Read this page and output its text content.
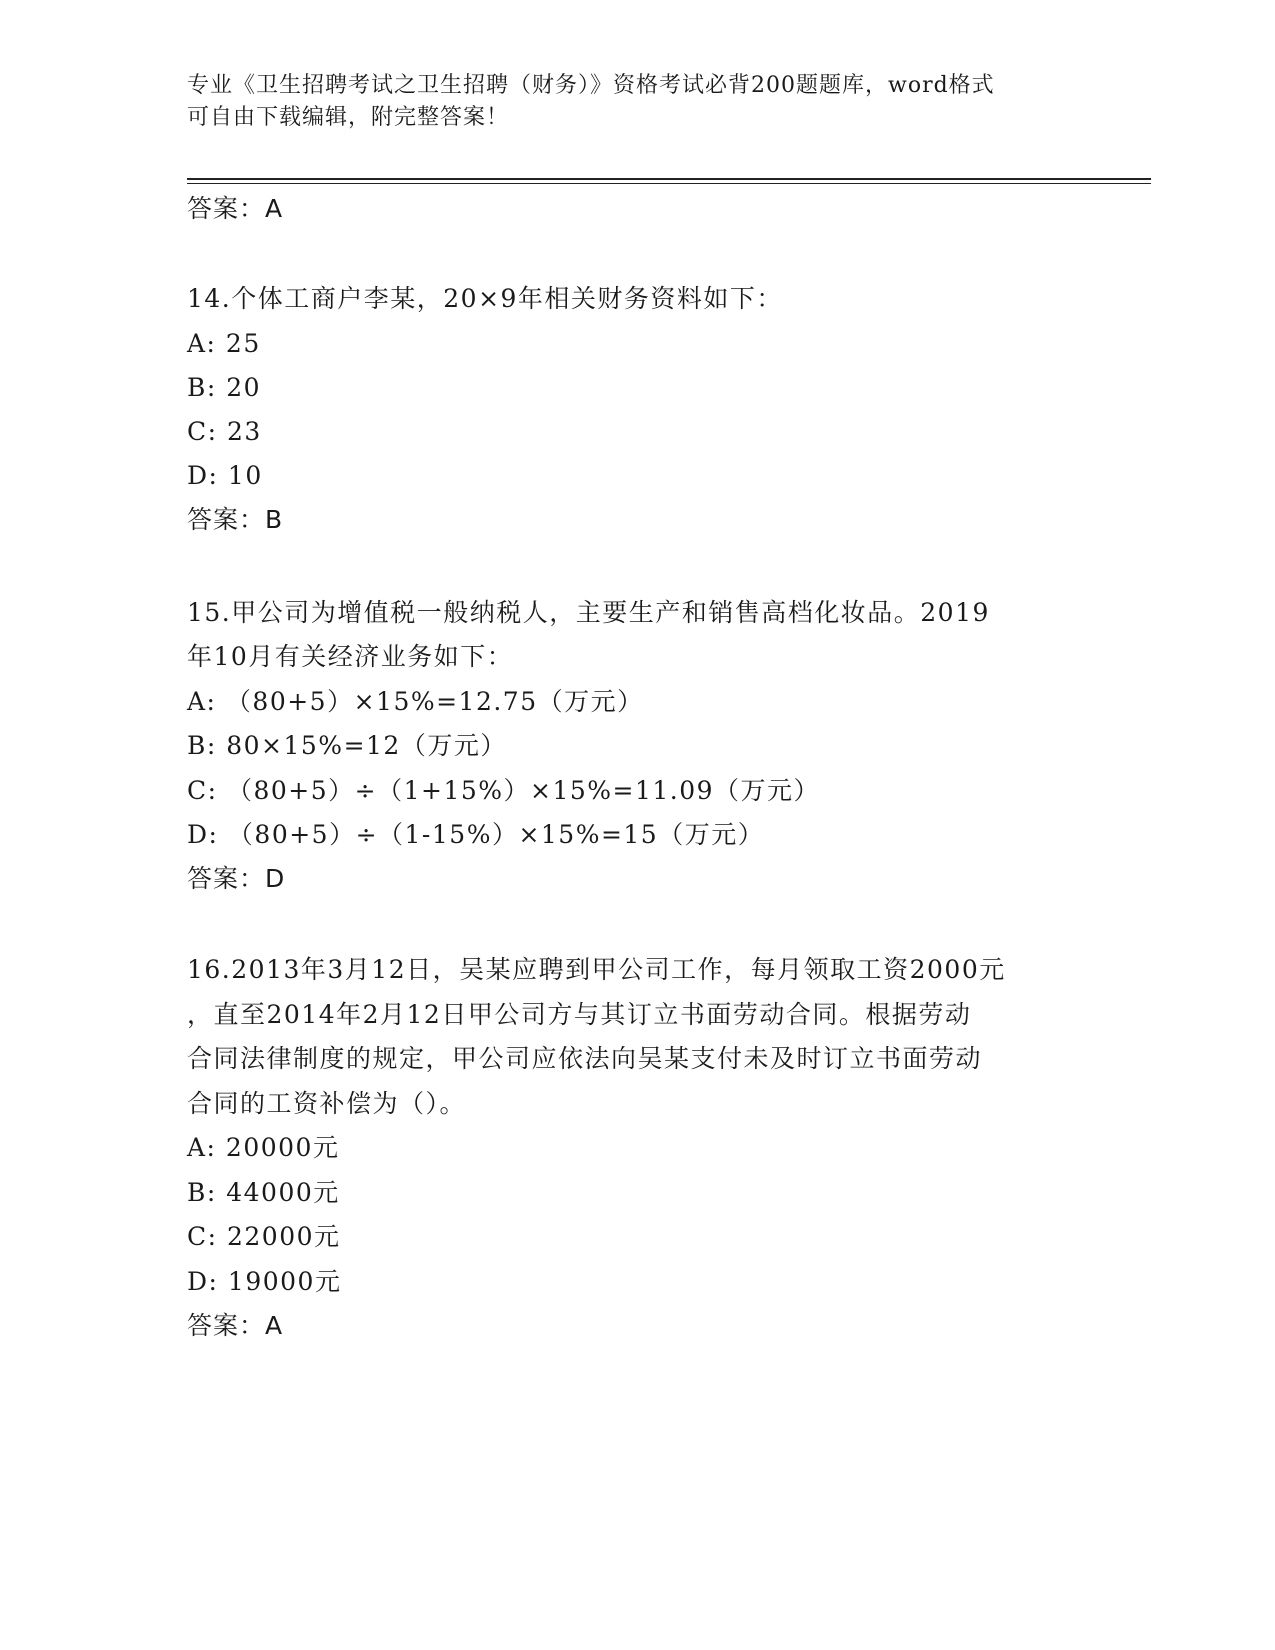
专业《卫生招聘考试之卫生招聘（财务）》资格考试必背200题题库，word格式
可自由下载编辑，附完整答案！
答案：A
14.个体工商户李某，20×9年相关财务资料如下：
A: 25
B: 20
C: 23
D: 10
答案：B
15.甲公司为增值税一般纳税人，主要生产和销售高档化妆品。2019
年10月有关经济业务如下：
A: （80+5）×15%=12.75（万元）
B: 80×15%=12（万元）
C: （80+5）÷（1+15%）×15%=11.09（万元）
D: （80+5）÷（1-15%）×15%=15（万元）
答案：D
16.2013年3月12日，吴某应聘到甲公司工作，每月领取工资2000元
，直至2014年2月12日甲公司方与其订立书面劳动合同。根据劳动
合同法律制度的规定，甲公司应依法向吴某支付未及时订立书面劳动
合同的工资补偿为（）。
A: 20000元
B: 44000元
C: 22000元
D: 19000元
答案：A
